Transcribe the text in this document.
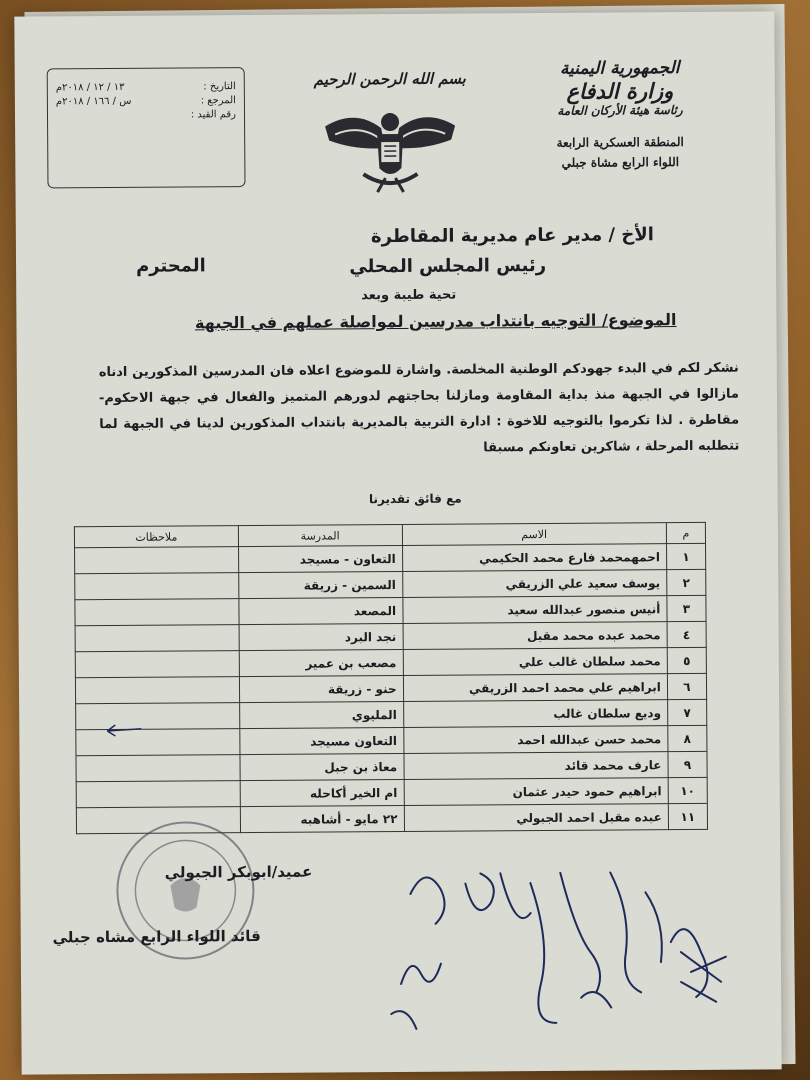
الجمهورية اليمنية
وزارة الدفاع
رئاسة هيئة الأركان العامة
المنطقة العسكرية الرابعة
اللواء الرابع مشاة جبلي
بسم الله الرحمن الرحيم
التاريخ :
١٣ / ١٢ / ٢٠١٨م
المرجع :
س / ١٦٦ / ٢٠١٨م
رقم القيد :
الأخ / مدير عام مديرية المقاطرة
رئيس المجلس المحلي
المحترم
تحية طيبة وبعد
الموضوع/ التوجيه بانتداب مدرسين لمواصلة عملهم في الجبهة
نشكر لكم في البدء جهودكم الوطنية المخلصة. واشارة للموضوع اعلاه فان المدرسين المذكورين ادناه مازالوا في الجبهة منذ بداية المقاومة ومازلنا بحاجتهم لدورهم المتميز والفعال في جبهة الاحكوم- مقاطرة . لذا تكرموا بالتوجيه للاخوة : ادارة التربية بالمديرية بانتداب المذكورين لدينا في الجبهة لما تتطلبه المرحلة ، شاكرين تعاونكم مسبقا
مع فائق تقديرنا
م	الاسم	المدرسة	ملاحظات
١	احمهمحمد فارع محمد الحكيمي	التعاون - مسيجد	
٢	يوسف سعيد علي الزريقي	السمين - زريقة	
٣	أنيس منصور عبدالله سعيد	المصعد	
٤	محمد عبده محمد مقبل	نجد البرد	
٥	محمد سلطان غالب علي	مصعب بن عمير	
٦	ابراهيم علي محمد احمد الزريقي	حنو - زريقة	
٧	وديع سلطان غالب	المليوي	
٨	محمد حسن عبدالله احمد	التعاون مسيجد	
٩	عارف محمد قائد	معاذ بن جبل	
١٠	ابراهيم حمود حيدر عثمان	ام الخير أكاحله	
١١	عبده مقبل احمد الجبولي	٢٢ مايو - أشاهبه	
عميد/ابوبكر الجبولي
قائد اللواء الرابع مشاه جبلي
